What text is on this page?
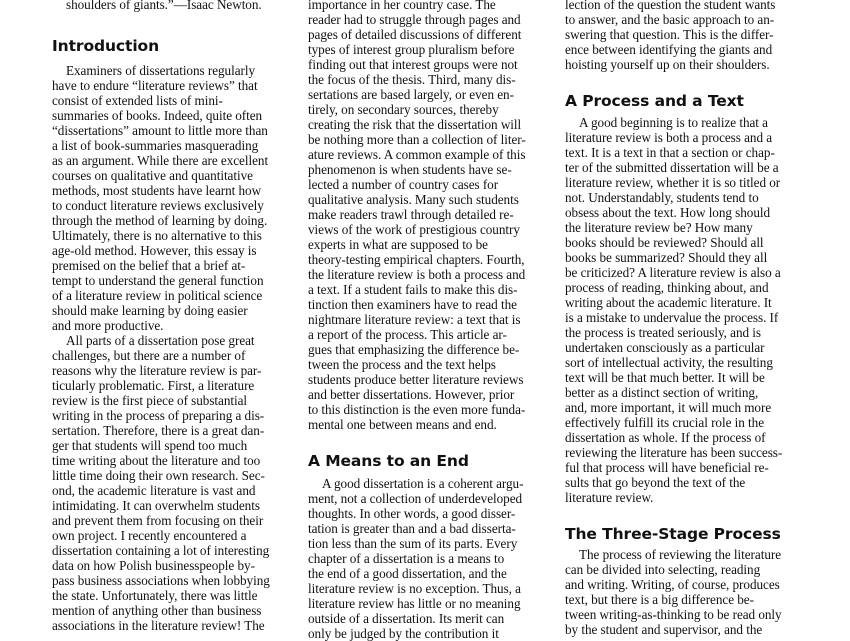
shoulders of giants.”—Isaac Newton.
Introduction
Examiners of dissertations regularly
have to endure “literature reviews” that
consist of extended lists of mini-
summaries of books. Indeed, quite often
“dissertations” amount to little more than
a list of book-summaries masquerading
as an argument. While there are excellent
courses on qualitative and quantitative
methods, most students have learnt how
to conduct literature reviews exclusively
through the method of learning by doing.
Ultimately, there is no alternative to this
age-old method. However, this essay is
premised on the belief that a brief at-
tempt to understand the general function
of a literature review in political science
should make learning by doing easier
and more productive.
All parts of a dissertation pose great
challenges, but there are a number of
reasons why the literature review is par-
ticularly problematic. First, a literature
review is the first piece of substantial
writing in the process of preparing a dis-
sertation. Therefore, there is a great dan-
ger that students will spend too much
time writing about the literature and too
little time doing their own research. Sec-
ond, the academic literature is vast and
intimidating. It can overwhelm students
and prevent them from focusing on their
own project. I recently encountered a
dissertation containing a lot of interesting
data on how Polish businesspeople by-
pass business associations when lobbying
the state. Unfortunately, there was little
mention of anything other than business
associations in the literature review! The
importance in her country case. The
reader had to struggle through pages and
pages of detailed discussions of different
types of interest group pluralism before
finding out that interest groups were not
the focus of the thesis. Third, many dis-
sertations are based largely, or even en-
tirely, on secondary sources, thereby
creating the risk that the dissertation will
be nothing more than a collection of liter-
ature reviews. A common example of this
phenomenon is when students have se-
lected a number of country cases for
qualitative analysis. Many such students
make readers trawl through detailed re-
views of the work of prestigious country
experts in what are supposed to be
theory-testing empirical chapters. Fourth,
the literature review is both a process and
a text. If a student fails to make this dis-
tinction then examiners have to read the
nightmare literature review: a text that is
a report of the process. This article ar-
gues that emphasizing the difference be-
tween the process and the text helps
students produce better literature reviews
and better dissertations. However, prior
to this distinction is the even more funda-
mental one between means and end.
A Means to an End
A good dissertation is a coherent argu-
ment, not a collection of underdeveloped
thoughts. In other words, a good disser-
tation is greater than and a bad disserta-
tion less than the sum of its parts. Every
chapter of a dissertation is a means to
the end of a good dissertation, and the
literature review is no exception. Thus, a
literature review has little or no meaning
outside of a dissertation. Its merit can
only be judged by the contribution it
lection of the question the student wants
to answer, and the basic approach to an-
swering that question. This is the differ-
ence between identifying the giants and
hoisting yourself up on their shoulders.
A Process and a Text
A good beginning is to realize that a
literature review is both a process and a
text. It is a text in that a section or chap-
ter of the submitted dissertation will be a
literature review, whether it is so titled or
not. Understandably, students tend to
obsess about the text. How long should
the literature review be? How many
books should be reviewed? Should all
books be summarized? Should they all
be criticized? A literature review is also a
process of reading, thinking about, and
writing about the academic literature. It
is a mistake to undervalue the process. If
the process is treated seriously, and is
undertaken consciously as a particular
sort of intellectual activity, the resulting
text will be that much better. It will be
better as a distinct section of writing,
and, more important, it will much more
effectively fulfill its crucial role in the
dissertation as whole. If the process of
reviewing the literature has been success-
ful that process will have beneficial re-
sults that go beyond the text of the
literature review.
The Three-Stage Process
The process of reviewing the literature
can be divided into selecting, reading
and writing. Writing, of course, produces
text, but there is a big difference be-
tween writing-as-thinking to be read only
by the student and supervisor, and the
